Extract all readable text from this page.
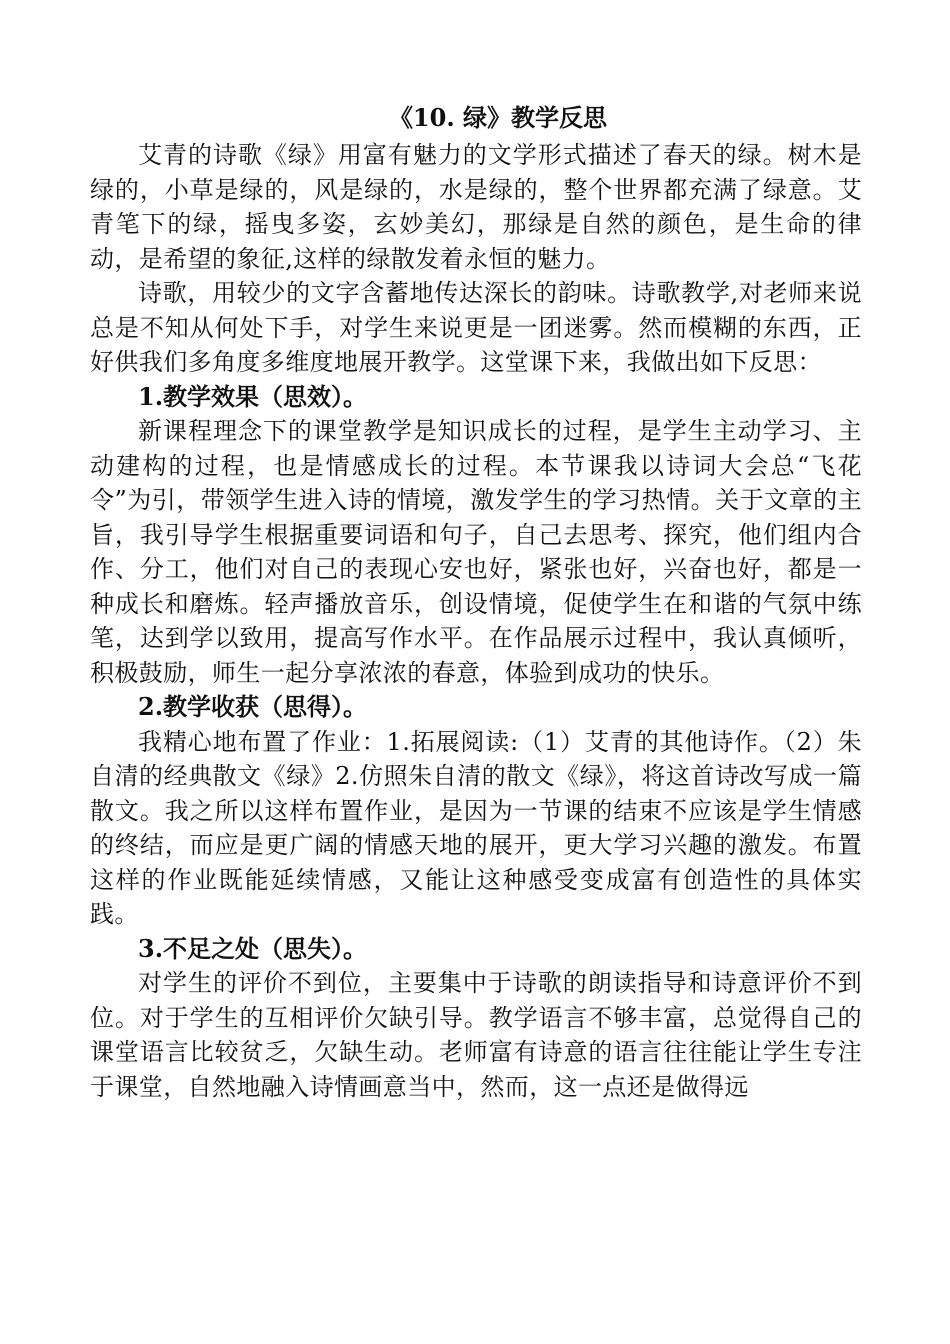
《10. 绿》教学反思

艾青的诗歌《绿》用富有魅力的文学形式描述了春天的绿。树木是绿的，小草是绿的，风是绿的，水是绿的，整个世界都充满了绿意。艾青笔下的绿，摇曳多姿，玄妙美幻，那绿是自然的颜色，是生命的律动，是希望的象征,这样的绿散发着永恒的魅力。

诗歌，用较少的文字含蓄地传达深长的韵味。诗歌教学,对老师来说总是不知从何处下手，对学生来说更是一团迷雾。然而模糊的东西，正好供我们多角度多维度地展开教学。这堂课下来，我做出如下反思：

1.教学效果（思效）。

新课程理念下的课堂教学是知识成长的过程，是学生主动学习、主动建构的过程，也是情感成长的过程。本节课我以诗词大会总“飞花令”为引，带领学生进入诗的情境，激发学生的学习热情。关于文章的主旨，我引导学生根据重要词语和句子，自己去思考、探究，他们组内合作、分工，他们对自己的表现心安也好，紧张也好，兴奋也好，都是一种成长和磨炼。轻声播放音乐，创设情境，促使学生在和谐的气氛中练笔，达到学以致用，提高写作水平。在作品展示过程中，我认真倾听，积极鼓励，师生一起分享浓浓的春意，体验到成功的快乐。

2.教学收获（思得）。

我精心地布置了作业：1.拓展阅读:（1）艾青的其他诗作。（2）朱自清的经典散文《绿》2.仿照朱自清的散文《绿》，将这首诗改写成一篇散文。我之所以这样布置作业，是因为一节课的结束不应该是学生情感的终结，而应是更广阔的情感天地的展开，更大学习兴趣的激发。布置这样的作业既能延续情感，又能让这种感受变成富有创造性的具体实践。

3.不足之处（思失）。

对学生的评价不到位，主要集中于诗歌的朗读指导和诗意评价不到位。对于学生的互相评价欠缺引导。教学语言不够丰富，总觉得自己的课堂语言比较贫乏，欠缺生动。老师富有诗意的语言往往能让学生专注于课堂，自然地融入诗情画意当中，然而，这一点还是做得远
